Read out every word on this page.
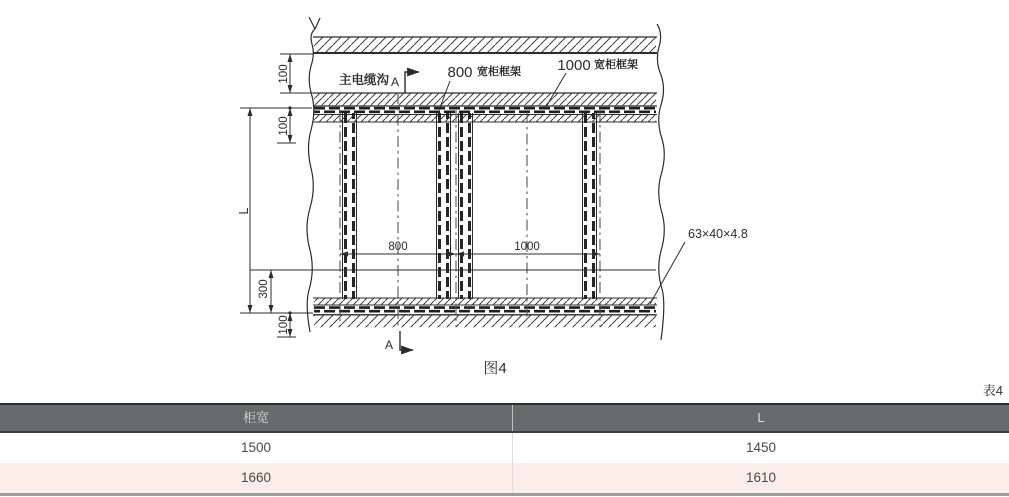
100
100
L
300
100
800	1000
主电缆沟 A
A
800 宽柜框架 1000 宽柜框架
63×40×4.8
图4
表4
柜宽	L
1500	1450
1660	1610
